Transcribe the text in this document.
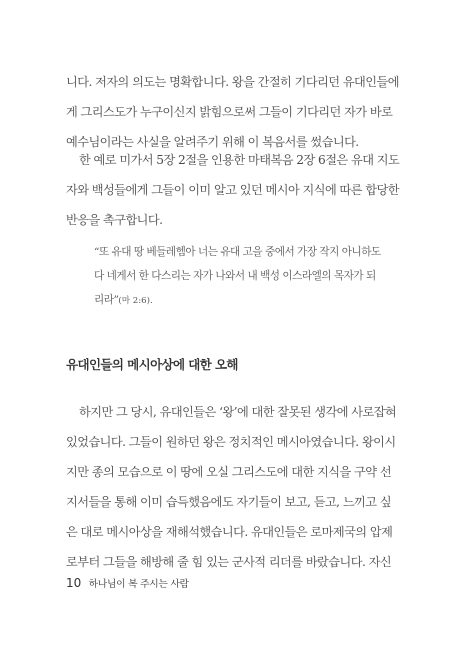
니다. 저자의 의도는 명확합니다. 왕을 간절히 기다리던 유대인들에
게 그리스도가 누구이신지 밝힘으로써 그들이 기다리던 자가 바로
예수님이라는 사실을 알려주기 위해 이 복음서를 썼습니다.

한 예로 미가서 5장 2절을 인용한 마태복음 2장 6절은 유대 지도
자와 백성들에게 그들이 이미 알고 있던 메시아 지식에 따른 합당한
반응을 촉구합니다.

“또 유대 땅 베들레헴아 너는 유대 고을 중에서 가장 작지 아니하도
다 네게서 한 다스리는 자가 나와서 내 백성 이스라엘의 목자가 되
리라”(마 2:6).
유대인들의 메시아상에 대한 오해

하지만 그 당시, 유대인들은 ‘왕’에 대한 잘못된 생각에 사로잡혀
있었습니다. 그들이 원하던 왕은 정치적인 메시아였습니다. 왕이시
지만 종의 모습으로 이 땅에 오실 그리스도에 대한 지식을 구약 선
지서들을 통해 이미 습득했음에도 자기들이 보고, 듣고, 느끼고 싶
은 대로 메시아상을 재해석했습니다. 유대인들은 로마제국의 압제
로부터 그들을 해방해 줄 힘 있는 군사적 리더를 바랐습니다. 자신

10 하나님이 복 주시는 사람
